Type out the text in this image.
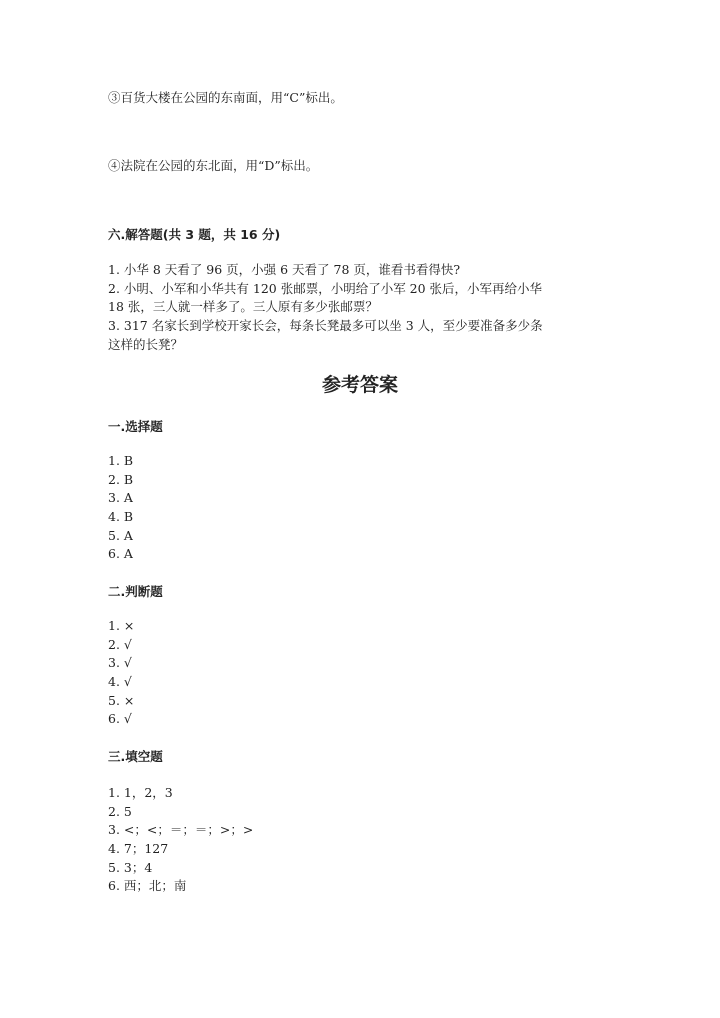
③百货大楼在公园的东南面，用“C”标出。
④法院在公园的东北面，用“D”标出。
六.解答题(共 3 题，共 16 分)
1. 小华 8 天看了 96 页，小强 6 天看了 78 页，谁看书看得快?
2. 小明、小军和小华共有 120 张邮票，小明给了小军 20 张后，小军再给小华
18 张，三人就一样多了。三人原有多少张邮票？
3. 317 名家长到学校开家长会，每条长凳最多可以坐 3 人，至少要准备多少条
这样的长凳？
参考答案
一.选择题
1. B
2. B
3. A
4. B
5. A
6. A
二.判断题
1. ×
2. √
3. √
4. √
5. ×
6. √
三.填空题
1. 1，2，3
2. 5
3. <；<；＝；＝；>；>
4. 7；127
5. 3；4
6. 西；北；南
